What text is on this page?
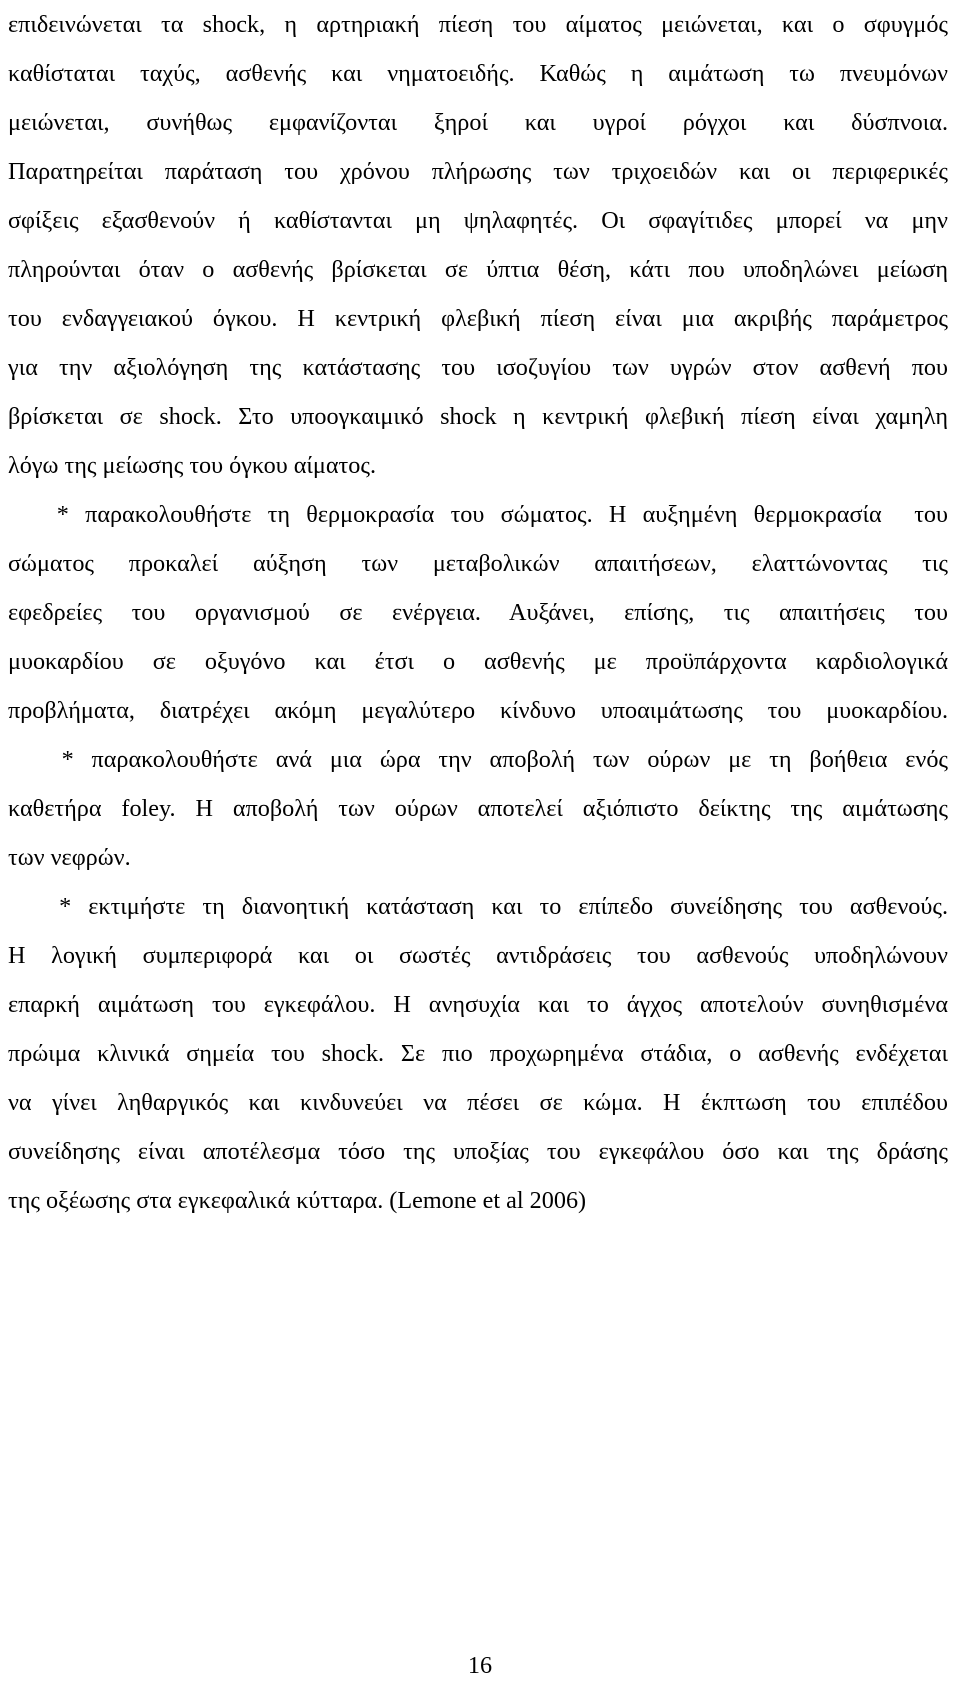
επιδεινώνεται τα shock, η αρτηριακή πίεση του αίματος μειώνεται, και ο σφυγμός
καθίσταται ταχύς, ασθενής και νηματοειδής. Καθώς η αιμάτωση τω πνευμόνων
μειώνεται, συνήθως εμφανίζονται ξηροί και υγροί ρόγχοι και δύσπνοια.
Παρατηρείται παράταση του χρόνου πλήρωσης των τριχοειδών και οι περιφερικές
σφίξεις εξασθενούν ή καθίστανται μη ψηλαφητές. Οι σφαγίτιδες μπορεί να μην
πληρούνται όταν ο ασθενής βρίσκεται σε ύπτια θέση, κάτι που υποδηλώνει μείωση
του ενδαγγειακού όγκου. Η κεντρική φλεβική πίεση είναι μια ακριβής παράμετρος
για την αξιολόγηση της κατάστασης του ισοζυγίου των υγρών στον ασθενή που
βρίσκεται σε shock. Στο υποογκαιμικό shock η κεντρική φλεβική πίεση είναι χαμηλη
λόγω της μείωσης του όγκου αίματος.
* παρακολουθήστε τη θερμοκρασία του σώματος. Η αυξημένη θερμοκρασία  του
σώματος προκαλεί αύξηση των μεταβολικών απαιτήσεων, ελαττώνοντας τις
εφεδρείες του οργανισμού σε ενέργεια. Αυξάνει, επίσης, τις απαιτήσεις του
μυοκαρδίου σε οξυγόνο και έτσι ο ασθενής με προϋπάρχοντα καρδιολογικά
προβλήματα, διατρέχει ακόμη μεγαλύτερο κίνδυνο υποαιμάτωσης του μυοκαρδίου.
* παρακολουθήστε ανά μια ώρα την αποβολή των ούρων με τη βοήθεια ενός
καθετήρα foley. Η αποβολή των ούρων αποτελεί αξιόπιστο δείκτης της αιμάτωσης
των νεφρών.
* εκτιμήστε τη διανοητική κατάσταση και το επίπεδο συνείδησης του ασθενούς.
Η λογική συμπεριφορά και οι σωστές αντιδράσεις του ασθενούς υποδηλώνουν
επαρκή αιμάτωση του εγκεφάλου. Η ανησυχία και το άγχος αποτελούν συνηθισμένα
πρώιμα κλινικά σημεία του shock. Σε πιο προχωρημένα στάδια, ο ασθενής ενδέχεται
να γίνει ληθαργικός και κινδυνεύει να πέσει σε κώμα. Η έκπτωση του επιπέδου
συνείδησης είναι αποτέλεσμα τόσο της υποξίας του εγκεφάλου όσο και της δράσης
της οξέωσης στα εγκεφαλικά κύτταρα. (Lemone et al 2006)
16
